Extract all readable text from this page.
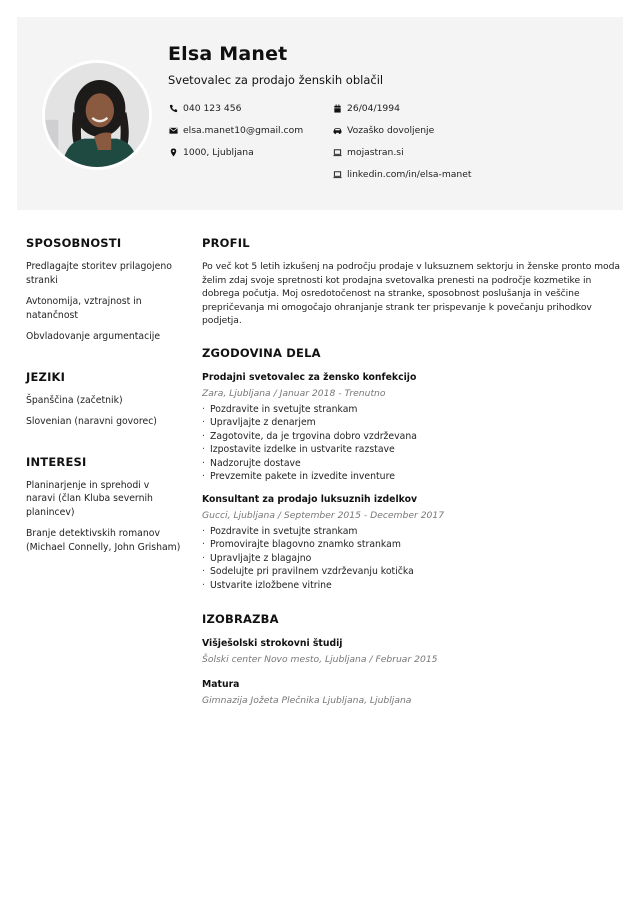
Elsa Manet
Svetovalec za prodajo ženskih oblačil
040 123 456
elsa.manet10@gmail.com
1000, Ljubljana
26/04/1994
Vozaško dovoljenje
mojastran.si
linkedin.com/in/elsa-manet
SPOSOBNOSTI
Predlagajte storitev prilagojeno stranki
Avtonomija, vztrajnost in natančnost
Obvladovanje argumentacije
JEZIKI
Španščina (začetnik)
Slovenian (naravni govorec)
INTERESI
Planinarjenje in sprehodi v naravi (član Kluba severnih planincev)
Branje detektivskih romanov (Michael Connelly, John Grisham)
PROFIL
Po več kot 5 letih izkušenj na področju prodaje v luksuznem sektorju in ženske pronto moda želim zdaj svoje spretnosti kot prodajna svetovalka prenesti na področje kozmetike in dobrega počutja. Moj osredotočenost na stranke, sposobnost poslušanja in veščine prepričevanja mi omogočajo ohranjanje strank ter prispevanje k povečanju prihodkov podjetja.
ZGODOVINA DELA
Prodajni svetovalec za žensko konfekcijo
Zara, Ljubljana / Januar 2018 - Trenutno
· Pozdravite in svetujte strankam
· Upravljajte z denarjem
· Zagotovite, da je trgovina dobro vzdrževana
· Izpostavite izdelke in ustvarite razstave
· Nadzorujte dostave
· Prevzemite pakete in izvedite inventure
Konsultant za prodajo luksuznih izdelkov
Gucci, Ljubljana / September 2015 - December 2017
· Pozdravite in svetujte strankam
· Promovirajte blagovno znamko strankam
· Upravljajte z blagajno
· Sodelujte pri pravilnem vzdrževanju kotička
· Ustvarite izložbene vitrine
IZOBRAZBA
Višješolski strokovni študij
Šolski center Novo mesto, Ljubljana / Februar 2015
Matura
Gimnazija Jožeta Plečnika Ljubljana, Ljubljana
